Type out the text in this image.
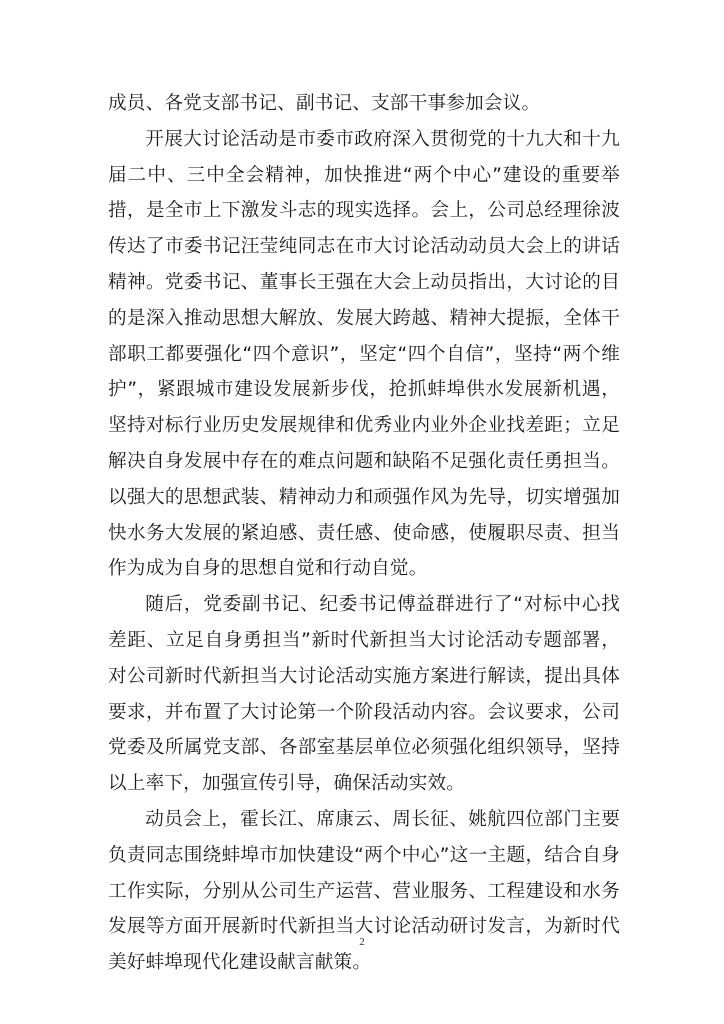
成员、各党支部书记、副书记、支部干事参加会议。

开展大讨论活动是市委市政府深入贯彻党的十九大和十九届二中、三中全会精神，加快推进“两个中心”建设的重要举措，是全市上下激发斗志的现实选择。会上，公司总经理徐波传达了市委书记汪莹纯同志在市大讨论活动动员大会上的讲话精神。党委书记、董事长王强在大会上动员指出，大讨论的目的是深入推动思想大解放、发展大跨越、精神大提振，全体干部职工都要强化“四个意识”，坚定“四个自信”，坚持“两个维护”，紧跟城市建设发展新步伐，抢抓蚌埠供水发展新机遇，坚持对标行业历史发展规律和优秀业内业外企业找差距；立足解决自身发展中存在的难点问题和缺陷不足强化责任勇担当。以强大的思想武装、精神动力和顽强作风为先导，切实增强加快水务大发展的紧迫感、责任感、使命感，使履职尽责、担当作为成为自身的思想自觉和行动自觉。

随后，党委副书记、纪委书记傅益群进行了“对标中心找差距、立足自身勇担当”新时代新担当大讨论活动专题部署，对公司新时代新担当大讨论活动实施方案进行解读，提出具体要求，并布置了大讨论第一个阶段活动内容。会议要求，公司党委及所属党支部、各部室基层单位必须强化组织领导，坚持以上率下，加强宣传引导，确保活动实效。

动员会上，霍长江、席康云、周长征、姚航四位部门主要负责同志围绕蚌埠市加快建设“两个中心”这一主题，结合自身工作实际，分别从公司生产运营、营业服务、工程建设和水务发展等方面开展新时代新担当大讨论活动研讨发言，为新时代美好蚌埠现代化建设献言献策。

2
